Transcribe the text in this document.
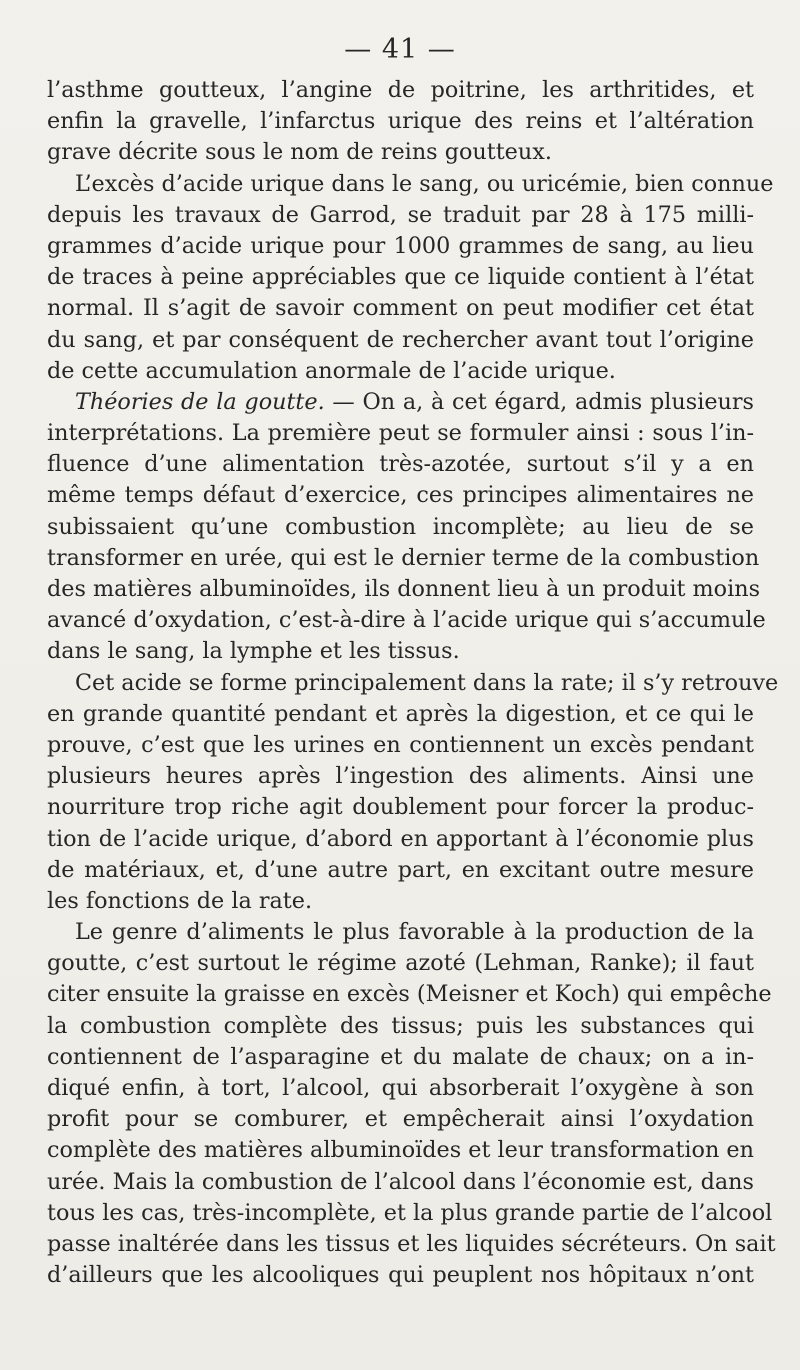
— 41 —
l’asthme goutteux, l’angine de poitrine, les arthritides, et
enfin la gravelle, l’infarctus urique des reins et l’altération
grave décrite sous le nom de reins goutteux.
L’excès d’acide urique dans le sang, ou uricémie, bien connue
depuis les travaux de Garrod, se traduit par 28 à 175 milli-
grammes d’acide urique pour 1000 grammes de sang, au lieu
de traces à peine appréciables que ce liquide contient à l’état
normal. Il s’agit de savoir comment on peut modifier cet état
du sang, et par conséquent de rechercher avant tout l’origine
de cette accumulation anormale de l’acide urique.
Théories de la goutte. — On a, à cet égard, admis plusieurs
interprétations. La première peut se formuler ainsi : sous l’in-
fluence d’une alimentation très-azotée, surtout s’il y a en
même temps défaut d’exercice, ces principes alimentaires ne
subissaient qu’une combustion incomplète; au lieu de se
transformer en urée, qui est le dernier terme de la combustion
des matières albuminoïdes, ils donnent lieu à un produit moins
avancé d’oxydation, c’est-à-dire à l’acide urique qui s’accumule
dans le sang, la lymphe et les tissus.
Cet acide se forme principalement dans la rate; il s’y retrouve
en grande quantité pendant et après la digestion, et ce qui le
prouve, c’est que les urines en contiennent un excès pendant
plusieurs heures après l’ingestion des aliments. Ainsi une
nourriture trop riche agit doublement pour forcer la produc-
tion de l’acide urique, d’abord en apportant à l’économie plus
de matériaux, et, d’une autre part, en excitant outre mesure
les fonctions de la rate.
Le genre d’aliments le plus favorable à la production de la
goutte, c’est surtout le régime azoté (Lehman, Ranke); il faut
citer ensuite la graisse en excès (Meisner et Koch) qui empêche
la combustion complète des tissus; puis les substances qui
contiennent de l’asparagine et du malate de chaux; on a in-
diqué enfin, à tort, l’alcool, qui absorberait l’oxygène à son
profit pour se comburer, et empêcherait ainsi l’oxydation
complète des matières albuminoïdes et leur transformation en
urée. Mais la combustion de l’alcool dans l’économie est, dans
tous les cas, très-incomplète, et la plus grande partie de l’alcool
passe inaltérée dans les tissus et les liquides sécréteurs. On sait
d’ailleurs que les alcooliques qui peuplent nos hôpitaux n’ont
